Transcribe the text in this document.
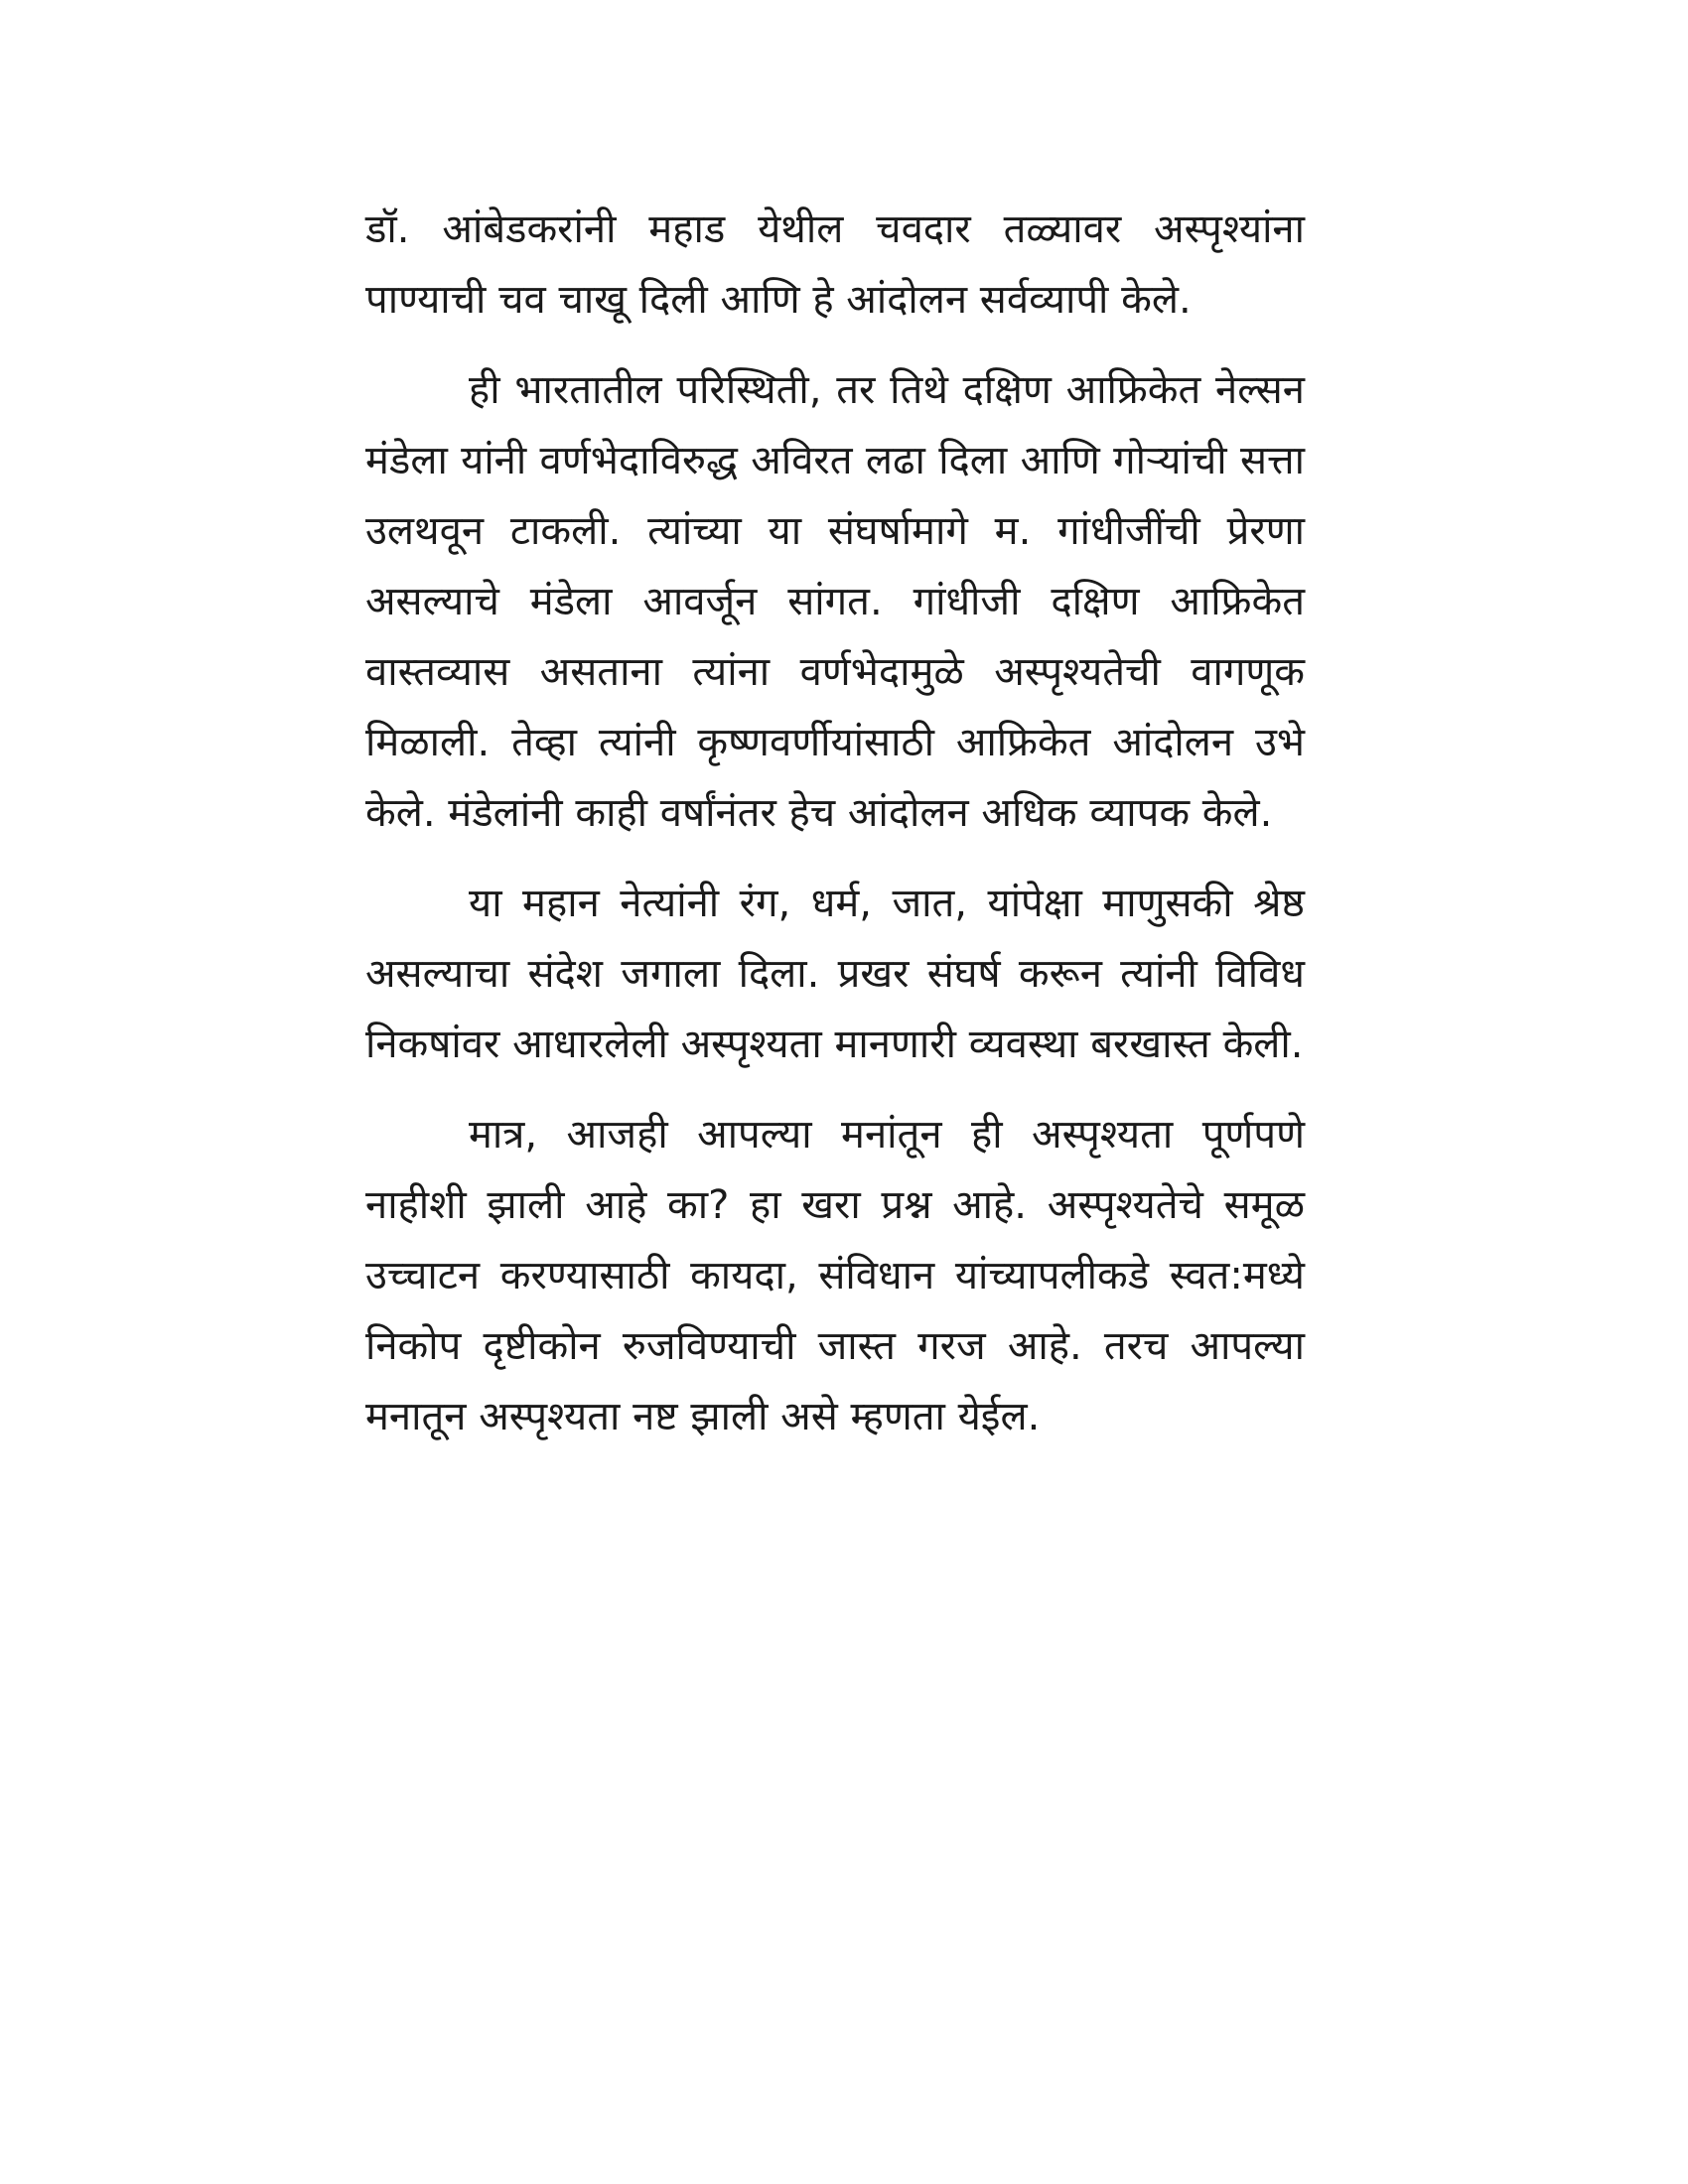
डॉ. आंबेडकरांनी महाड येथील चवदार तळ्यावर अस्पृश्यांना पाण्याची चव चाखू दिली आणि हे आंदोलन सर्वव्यापी केले.

ही भारतातील परिस्थिती, तर तिथे दक्षिण आफ्रिकेत नेल्सन मंडेला यांनी वर्णभेदाविरुद्ध अविरत लढा दिला आणि गोऱ्यांची सत्ता उलथवून टाकली. त्यांच्या या संघर्षामागे म. गांधीजींची प्रेरणा असल्याचे मंडेला आवर्जून सांगत. गांधीजी दक्षिण आफ्रिकेत वास्तव्यास असताना त्यांना वर्णभेदामुळे अस्पृश्यतेची वागणूक मिळाली. तेव्हा त्यांनी कृष्णवर्णीयांसाठी आफ्रिकेत आंदोलन उभे केले. मंडेलांनी काही वर्षांनंतर हेच आंदोलन अधिक व्यापक केले.

या महान नेत्यांनी रंग, धर्म, जात, यांपेक्षा माणुसकी श्रेष्ठ असल्याचा संदेश जगाला दिला. प्रखर संघर्ष करून त्यांनी विविध निकषांवर आधारलेली अस्पृश्यता मानणारी व्यवस्था बरखास्त केली.

मात्र, आजही आपल्या मनांतून ही अस्पृश्यता पूर्णपणे नाहीशी झाली आहे का? हा खरा प्रश्न आहे. अस्पृश्यतेचे समूळ उच्चाटन करण्यासाठी कायदा, संविधान यांच्यापलीकडे स्वत:मध्ये निकोप दृष्टीकोन रुजविण्याची जास्त गरज आहे. तरच आपल्या मनातून अस्पृश्यता नष्ट झाली असे म्हणता येईल.
